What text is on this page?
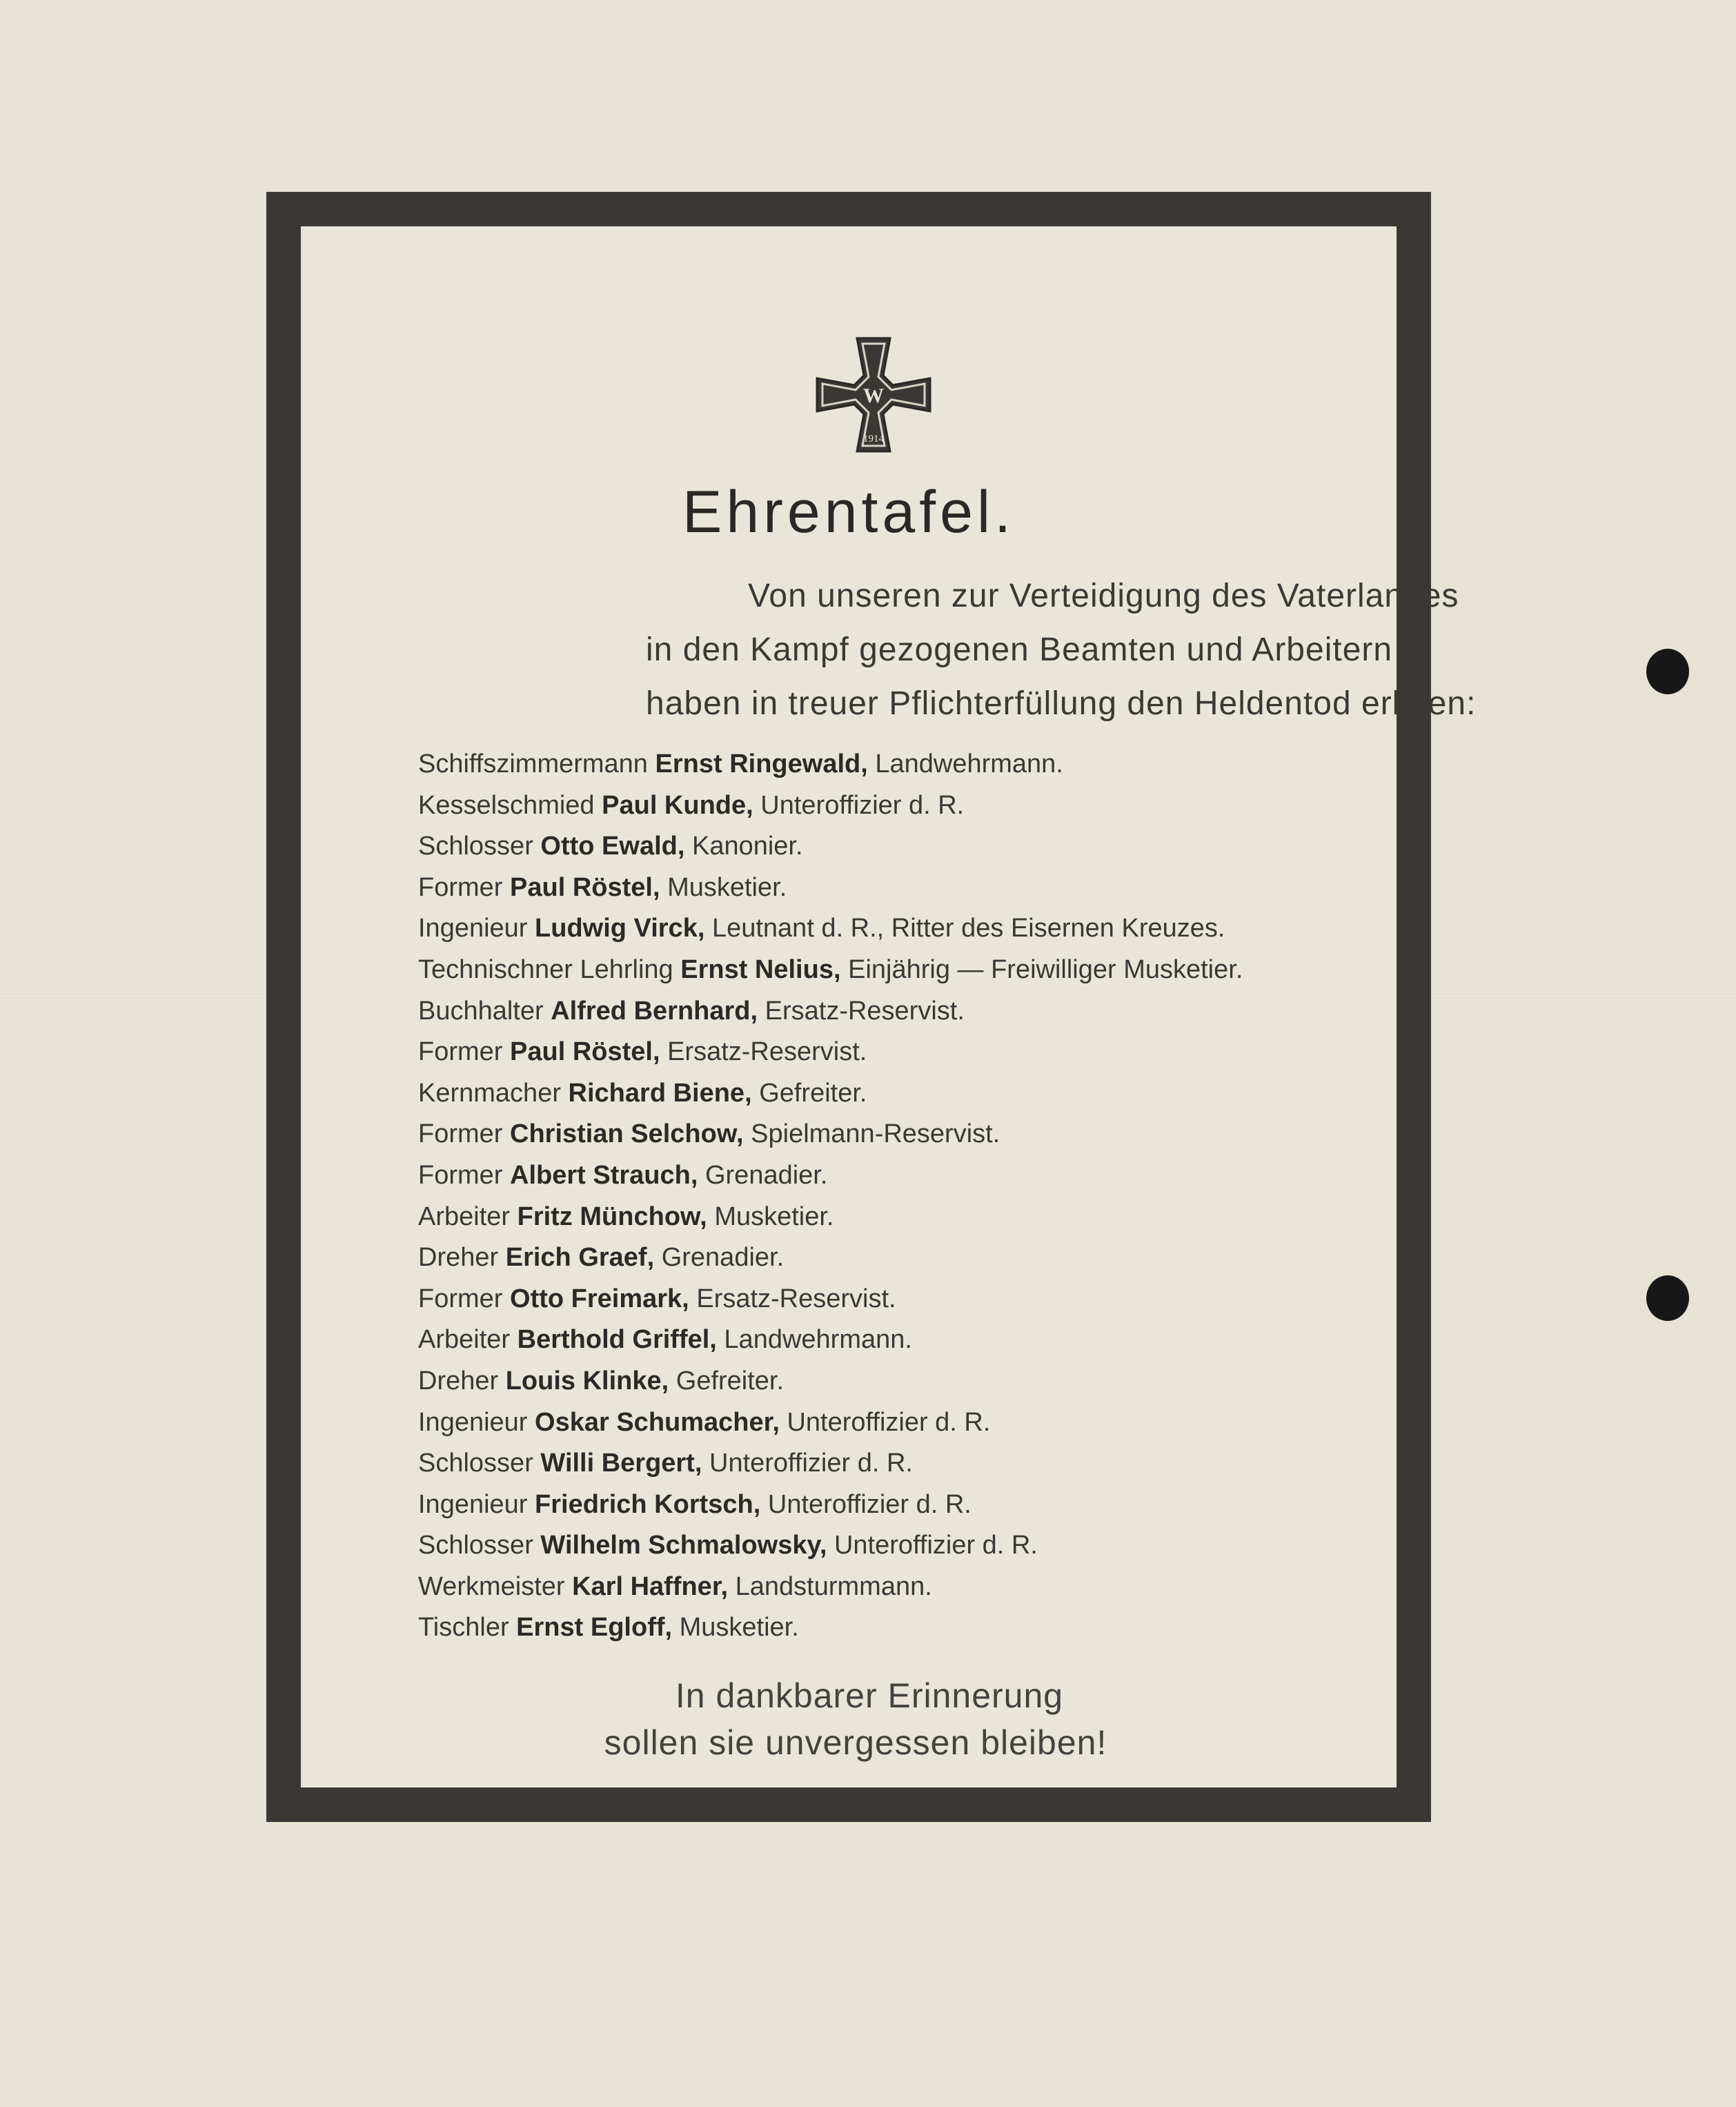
W
1914
Ehrentafel.
Von unseren zur Verteidigung des Vaterlandes
in den Kampf gezogenen Beamten und Arbeitern
haben in treuer Pflichterfüllung den Heldentod erlitten:
Schiffszimmermann Ernst Ringewald, Landwehrmann.
Kesselschmied Paul Kunde, Unteroffizier d. R.
Schlosser Otto Ewald, Kanonier.
Former Paul Röstel, Musketier.
Ingenieur Ludwig Virck, Leutnant d. R., Ritter des Eisernen Kreuzes.
Technischner Lehrling Ernst Nelius, Einjährig — Freiwilliger Musketier.
Buchhalter Alfred Bernhard, Ersatz-Reservist.
Former Paul Röstel, Ersatz-Reservist.
Kernmacher Richard Biene, Gefreiter.
Former Christian Selchow, Spielmann-Reservist.
Former Albert Strauch, Grenadier.
Arbeiter Fritz Münchow, Musketier.
Dreher Erich Graef, Grenadier.
Former Otto Freimark, Ersatz-Reservist.
Arbeiter Berthold Griffel, Landwehrmann.
Dreher Louis Klinke, Gefreiter.
Ingenieur Oskar Schumacher, Unteroffizier d. R.
Schlosser Willi Bergert, Unteroffizier d. R.
Ingenieur Friedrich Kortsch, Unteroffizier d. R.
Schlosser Wilhelm Schmalowsky, Unteroffizier d. R.
Werkmeister Karl Haffner, Landsturmmann.
Tischler Ernst Egloff, Musketier.
In dankbarer Erinnerung
sollen sie unvergessen bleiben!
